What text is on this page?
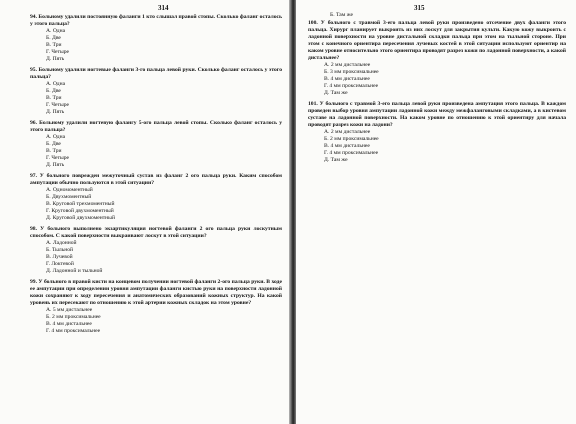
314
94. Больному удалили постоянную фаланги 1 кто слышал правой стопы. Сколько фаланг осталось у этого пальца?
А. Одна
Б. Две
В. Три
Г. Четыре
Д. Пять
95. Больному удалили ногтевые фаланги 3-го пальца левой руки. Сколько фаланг осталось у этого пальца?
А. Одна
Б. Две
В. Три
Г. Четыре
Д. Пять
96. Больному удалили ногтевую фалангу 5-ого пальца левой стопы. Сколько фаланг осталось у этого пальца?
А. Одна
Б. Две
В. Три
Г. Четыре
Д. Пять
97. У больного поврежден межуточный сустав из фаланг 2 ого пальца руки. Каким способом ампутации обычно пользуются в этой ситуации?
А. Одномоментный
Б. Двухмоментный
В. Круговой трехмоментный
Г. Круговой двухмоментный
Д. Круговой двухмоментный
98. У больного выполнено экзартикуляция ногтевой фаланги 2 ого пальца руки лоскутным способом. С какой поверхности выкраивают лоскут в этой ситуации?
А. Ладонной
Б. Тыльной
В. Лучевой
Г. Локтевой
Д. Ладонной и тыльной
99. У больного в правой кисти на концевом получении ногтевой фаланги 2-ого пальца руки. В ходе ее ампутации при определении уровня ампутации фаланги кистью руки на поверхности ладонной кожи сохраняют к ходу пересечения и анатомических образований кожных структур. На какой уровень их пересекают по отношению к этой артерии кожных складок на этом уровне?
А. 5 мм дистальнее
Б. 2 мм проксимальнее
В. 4 мм дистальнее
Г. 4 мм проксимальнее
315
Б. Там же
100. У больного с травмой 3-его пальца левой руки произведено отсечение двух фаланги этого пальца. Хирург планирует выкроить из них лоскут для закрытия культи. Какую кожу выкроить с ладонной поверхности на уровне дистальной складки пальца при этом на тыльной стороне. При этом с конечного ориентира пересечения лучевых костей в этой ситуации используют ориентир на каком уровне относительно этого ориентира проводят разрез кожи по ладонной поверхности, а какой дистальнее?
А. 2 мм дистальнее
Б. 3 мм проксимальнее
В. 4 мм дистальнее
Г. 4 мм проксимальнее
Д. Там же
101. У больного с травмой 3-его пальца левой руки произведена ампутация этого пальца. В каждом проведен выбор уровня ампутации ладонной кожи между межфаланговыми складками, а в кистевом суставе на ладонной поверхности. На каком уровне по отношению к этой ориентиру для начала проводят разрез кожи на ладони?
А. 2 мм дистальнее
Б. 2 мм проксимальнее
В. 4 мм дистальнее
Г. 4 мм проксимальнее
Д. Там же
